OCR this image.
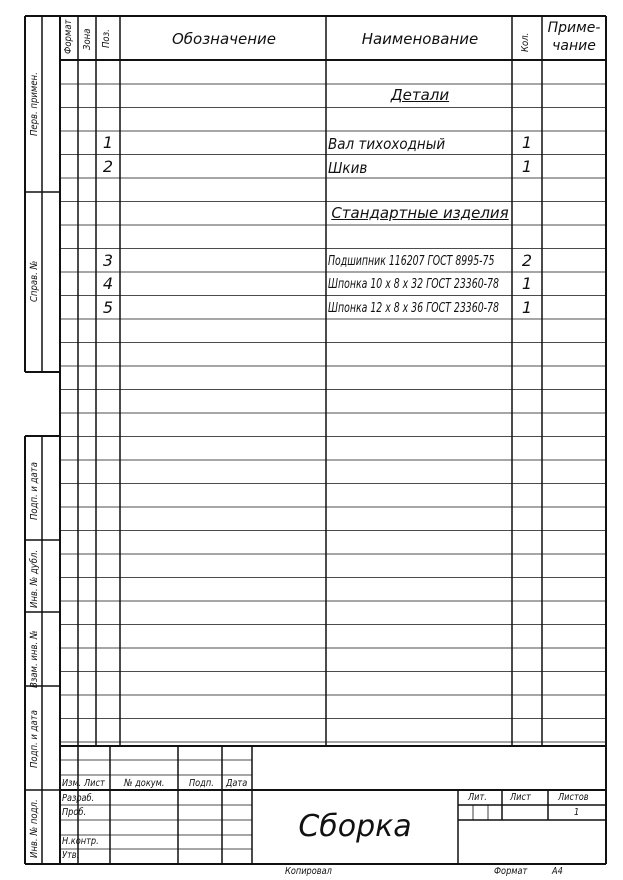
Формат Зона Поз.	Обозначение	Наименование	Кол.
Приме-
чание
Детали
1	Вал тихоходный	1
2	Шкив	1
Стандартные изделия
3	Подшипник 116207 ГОСТ 8995-75	2
4	Шпонка 10 x 8 x 32 ГОСТ 23360-78	1
5	Шпонка 12 x 8 x 36 ГОСТ 23360-78	1
Перв. примен.
Справ. №
Подп. и дата
Инв. № дубл.
Взам. инв. №
Подп. и дата
Инв. № подл.
Изм. Лист № докум. Подп. Дата
Разраб.
Проб.
Н.контр.
Утв.
Сборка
Лит. Лист	Листов
1
Копировал	Формат А4
